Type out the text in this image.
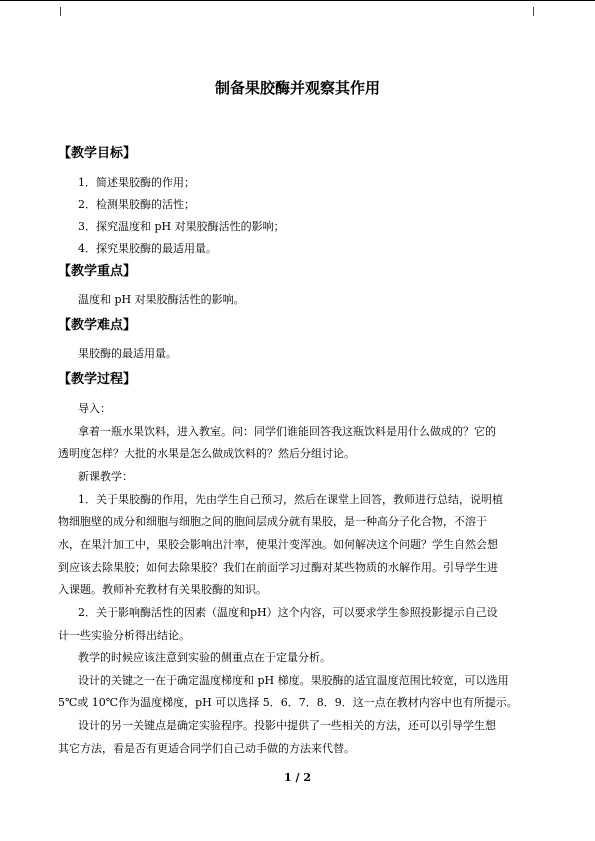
制备果胶酶并观察其作用
【教学目标】
1．简述果胶酶的作用；
2．检测果胶酶的活性；
3．探究温度和 pH 对果胶酶活性的影响；
4．探究果胶酶的最适用量。
【教学重点】
温度和 pH 对果胶酶活性的影响。
【教学难点】
果胶酶的最适用量。
【教学过程】
导入：
拿着一瓶水果饮料，进入教室。问：同学们谁能回答我这瓶饮料是用什么做成的？它的
透明度怎样？大批的水果是怎么做成饮料的？然后分组讨论。
新课教学：
1．关于果胶酶的作用，先由学生自己预习，然后在课堂上回答，教师进行总结，说明植
物细胞壁的成分和细胞与细胞之间的胞间层成分就有果胶，是一种高分子化合物，不溶于
水，在果汁加工中，果胶会影响出汁率，使果汁变浑浊。如何解决这个问题？学生自然会想
到应该去除果胶；如何去除果胶？我们在前面学习过酶对某些物质的水解作用。引导学生进
入课题。教师补充教材有关果胶酶的知识。
2．关于影响酶活性的因素（温度和pH）这个内容，可以要求学生参照投影提示自己设
计一些实验分析得出结论。
教学的时候应该注意到实验的侧重点在于定量分析。
设计的关键之一在于确定温度梯度和 pH 梯度。果胶酶的适宜温度范围比较宽，可以选用
5℃或 10℃作为温度梯度，pH 可以选择 5．6．7．8．9．这一点在教材内容中也有所提示。
设计的另一关键点是确定实验程序。投影中提供了一些相关的方法，还可以引导学生想
其它方法，看是否有更适合同学们自己动手做的方法来代替。
1 / 2
